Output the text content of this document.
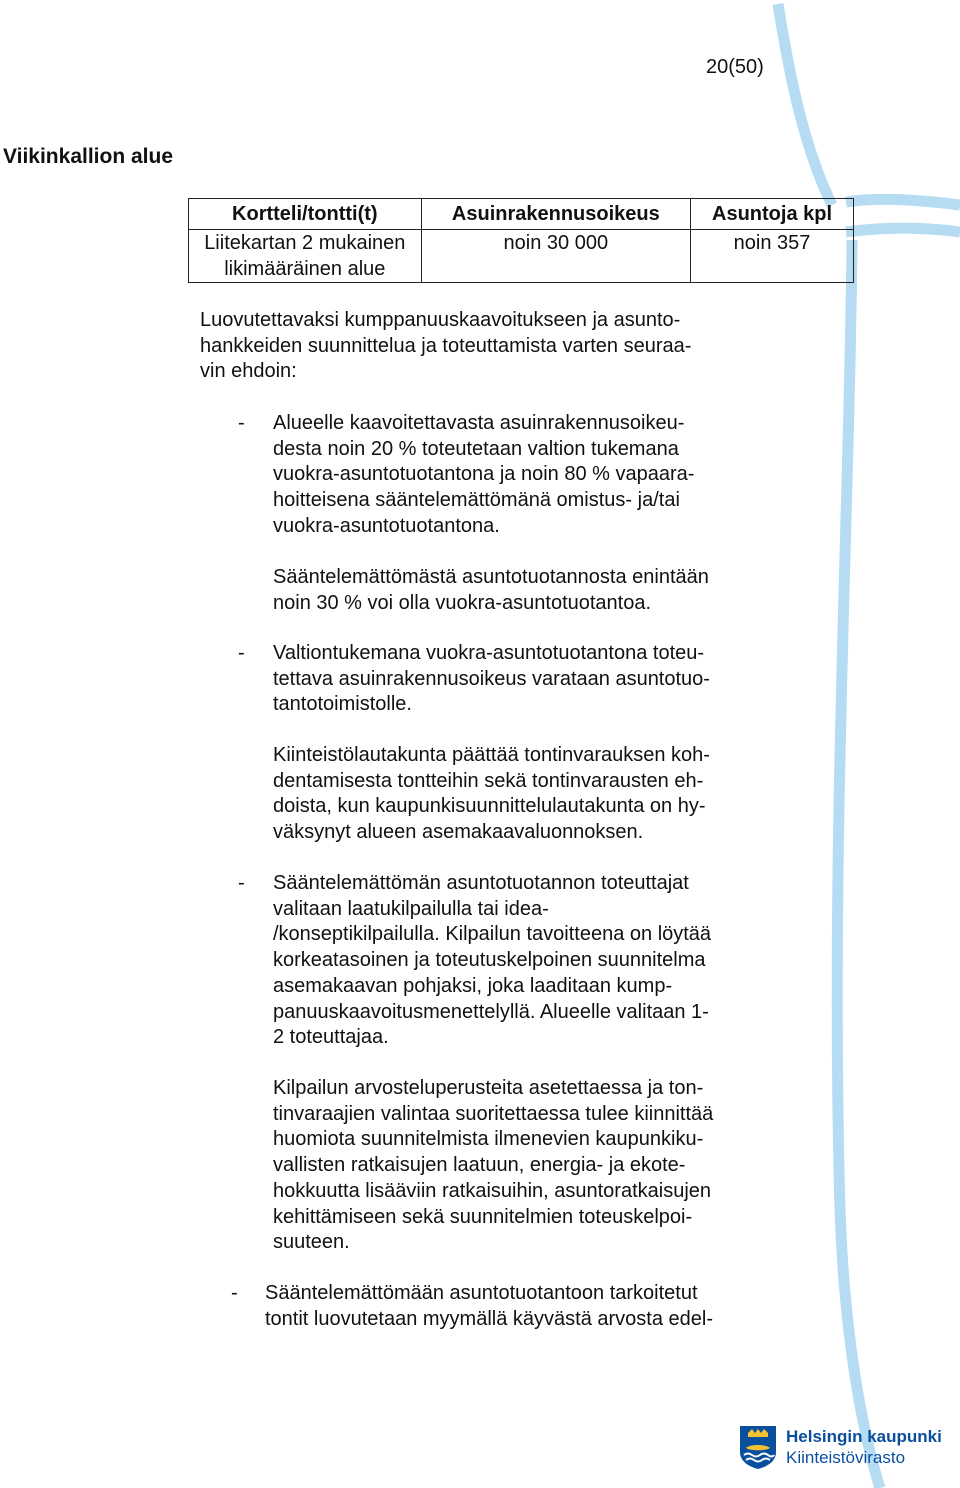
20(50)
Viikinkallion alue
Kortteli/tontti(t)	Asuinrakennusoikeus	Asuntoja kpl
Liitekartan 2 mukainen
likimääräinen alue	noin 30 000	noin 357

Luovutettavaksi kumppanuuskaavoitukseen ja asunto-
hankkeiden suunnittelua ja toteuttamista varten seuraa-
vin ehdoin:

- Alueelle kaavoitettavasta asuinrakennusoikeu-
desta noin 20 % toteutetaan valtion tukemana
vuokra-asuntotuotantona ja noin 80 % vapaara-
hoitteisena sääntelemättömänä omistus- ja/tai
vuokra-asuntotuotantona.

Sääntelemättömästä asuntotuotannosta enintään
noin 30 % voi olla vuokra-asuntotuotantoa.

- Valtiontukemana vuokra-asuntotuotantona toteu-
tettava asuinrakennusoikeus varataan asuntotuo-
tantotoimistolle.

Kiinteistölautakunta päättää tontinvarauksen koh-
dentamisesta tontteihin sekä tontinvarausten eh-
doista, kun kaupunkisuunnittelulautakunta on hy-
väksynyt alueen asemakaavaluonnoksen.

- Sääntelemättömän asuntotuotannon toteuttajat
valitaan laatukilpailulla tai idea-
/konseptikilpailulla. Kilpailun tavoitteena on löytää
korkeatasoinen ja toteutuskelpoinen suunnitelma
asemakaavan pohjaksi, joka laaditaan kump-
panuuskaavoitusmenettelyllä. Alueelle valitaan 1-
2 toteuttajaa.

Kilpailun arvosteluperusteita asetettaessa ja ton-
tinvaraajien valintaa suoritettaessa tulee kiinnittää
huomiota suunnitelmista ilmenevien kaupunkiku-
vallisten ratkaisujen laatuun, energia- ja ekote-
hokkuutta lisääviin ratkaisuihin, asuntoratkaisujen
kehittämiseen sekä suunnitelmien toteuskelpoi-
suuteen.

- Sääntelemättömään asuntotuotantoon tarkoitetut
tontit luovutetaan myymällä käyvästä arvosta edel-

Helsingin kaupunki
Kiinteistövirasto
